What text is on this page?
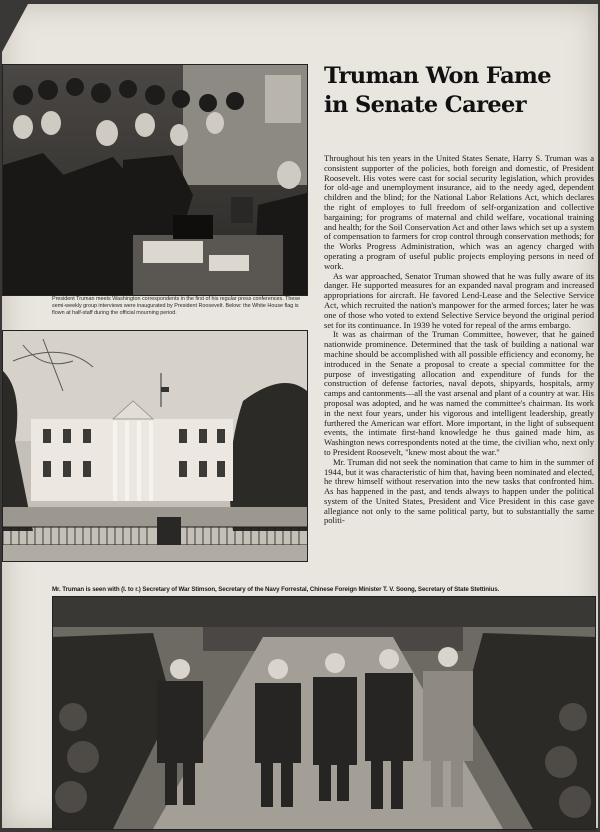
President Truman meets Washington correspondents in the first of his regular press conferences. These semi-weekly group interviews were inaugurated by President Roosevelt. Below: the White House flag is flown at half-staff during the official mourning period.

Truman Won Fame
in Senate Career

Throughout his ten years in the United States Senate, Harry S. Truman was a consistent supporter of the policies, both foreign and domestic, of President Roosevelt. His votes were cast for social security legislation, which provides for old-age and unemployment insurance, aid to the needy aged, dependent children and the blind; for the National Labor Relations Act, which declares the right of employes to full freedom of self-organization and collective bargaining; for programs of maternal and child welfare, vocational training and health; for the Soil Conservation Act and other laws which set up a system of compensation to farmers for crop control through conservation methods; for the Works Progress Administration, which was an agency charged with operating a program of useful public projects employing persons in need of work.

As war approached, Senator Truman showed that he was fully aware of its danger. He supported measures for an expanded naval program and increased appropriations for aircraft. He favored Lend-Lease and the Selective Service Act, which recruited the nation's manpower for the armed forces; later he was one of those who voted to extend Selective Service beyond the original period set for its continuance. In 1939 he voted for repeal of the arms embargo.

It was as chairman of the Truman Committee, however, that he gained nationwide prominence. Determined that the task of building a national war machine should be accomplished with all possible efficiency and economy, he introduced in the Senate a proposal to create a special committee for the purpose of investigating allocation and expenditure of funds for the construction of defense factories, naval depots, shipyards, hospitals, army camps and cantonments—all the vast arsenal and plant of a country at war. His proposal was adopted, and he was named the committee's chairman. Its work in the next four years, under his vigorous and intelligent leadership, greatly furthered the American war effort. More important, in the light of subsequent events, the intimate first-hand knowledge he thus gained made him, as Washington news correspondents noted at the time, the civilian who, next only to President Roosevelt, "knew most about the war."

Mr. Truman did not seek the nomination that came to him in the summer of 1944, but it was characteristic of him that, having been nominated and elected, he threw himself without reservation into the new tasks that confronted him. As has happened in the past, and tends always to happen under the political system of the United States, President and Vice President in this case gave allegiance not only to the same political party, but to substantially the same politi-

Mr. Truman is seen with (l. to r.) Secretary of War Stimson, Secretary of the Navy Forrestal, Chinese Foreign Minister T. V. Soong, Secretary of State Stettinius.
